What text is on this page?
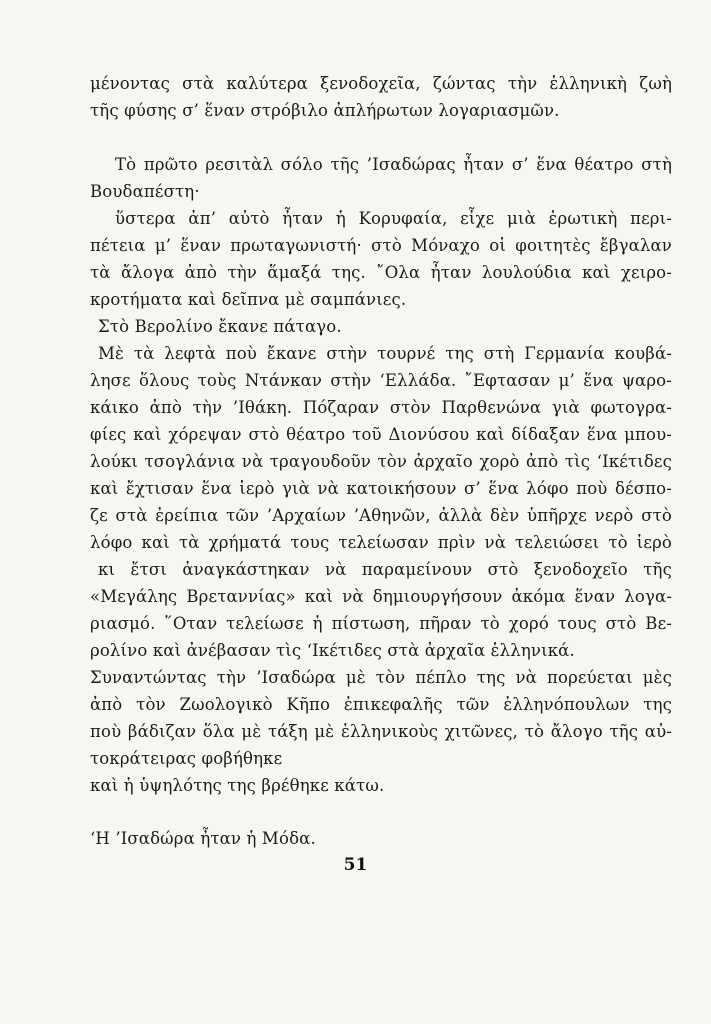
μένοντας στὰ καλύτερα ξενοδοχεῖα, ζώντας τὴν ἑλληνικὴ ζωὴ
τῆς φύσης σ’ ἕναν στρόβιλο ἀπλήρωτων λογαριασμῶν.
Τὸ πρῶτο ρεσιτὰλ σόλο τῆς ’Ισαδώρας ἦταν σ’ ἕνα θέατρο στὴ
Βουδαπέστη·
ὕστερα ἀπ’ αὐτὸ ἦταν ἡ Κορυφαία, εἶχε μιὰ ἐρωτικὴ περι-
πέτεια μ’ ἕναν πρωταγωνιστή· στὸ Μόναχο οἱ φοιτητὲς ἔβγαλαν
τὰ ἄλογα ἀπὸ τὴν ἅμαξά της. ῎Ολα ἦταν λουλούδια καὶ χειρο-
κροτήματα καὶ δεῖπνα μὲ σαμπάνιες.
Στὸ Βερολίνο ἔκανε πάταγο.
Μὲ τὰ λεφτὰ ποὺ ἔκανε στὴν τουρνέ της στὴ Γερμανία κουβά-
λησε ὅλους τοὺς Ντάνκαν στὴν ‘Ελλάδα. ῎Εφτασαν μ’ ἕνα ψαρο-
κάικο ἀπὸ τὴν ’Ιθάκη. Πόζαραν στὸν Παρθενώνα γιὰ φωτογρα-
φίες καὶ χόρεψαν στὸ θέατρο τοῦ Διονύσου καὶ δίδαξαν ἕνα μπου-
λούκι τσογλάνια νὰ τραγουδοῦν τὸν ἀρχαῖο χορὸ ἀπὸ τὶς ‘Ικέτιδες
καὶ ἔχτισαν ἕνα ἱερὸ γιὰ νὰ κατοικήσουν σ’ ἕνα λόφο ποὺ δέσπο-
ζε στὰ ἐρείπια τῶν ’Αρχαίων ’Αθηνῶν, ἀλλὰ δὲν ὑπῆρχε νερὸ στὸ
λόφο καὶ τὰ χρήματά τους τελείωσαν πρὶν νὰ τελειώσει τὸ ἱερὸ
κι ἔτσι ἀναγκάστηκαν νὰ παραμείνουν στὸ ξενοδοχεῖο τῆς
«Μεγάλης Βρεταννίας» καὶ νὰ δημιουργήσουν ἀκόμα ἕναν λογα-
ριασμό. ῞Οταν τελείωσε ἡ πίστωση, πῆραν τὸ χορό τους στὸ Βε-
ρολίνο καὶ ἀνέβασαν τὶς ‘Ικέτιδες στὰ ἀρχαῖα ἑλληνικά.
Συναντώντας τὴν ’Ισαδώρα μὲ τὸν πέπλο της νὰ πορεύεται μὲς
ἀπὸ τὸν Ζωολογικὸ Κῆπο ἐπικεφαλῆς τῶν ἑλληνόπουλων της
ποὺ βάδιζαν ὅλα μὲ τάξη μὲ ἑλληνικοὺς χιτῶνες, τὸ ἄλογο τῆς αὐ-
τοκράτειρας φοβήθηκε
καὶ ἡ ὑψηλότης της βρέθηκε κάτω.
‘Η ’Ισαδώρα ἦταν ἡ Μόδα.
51
